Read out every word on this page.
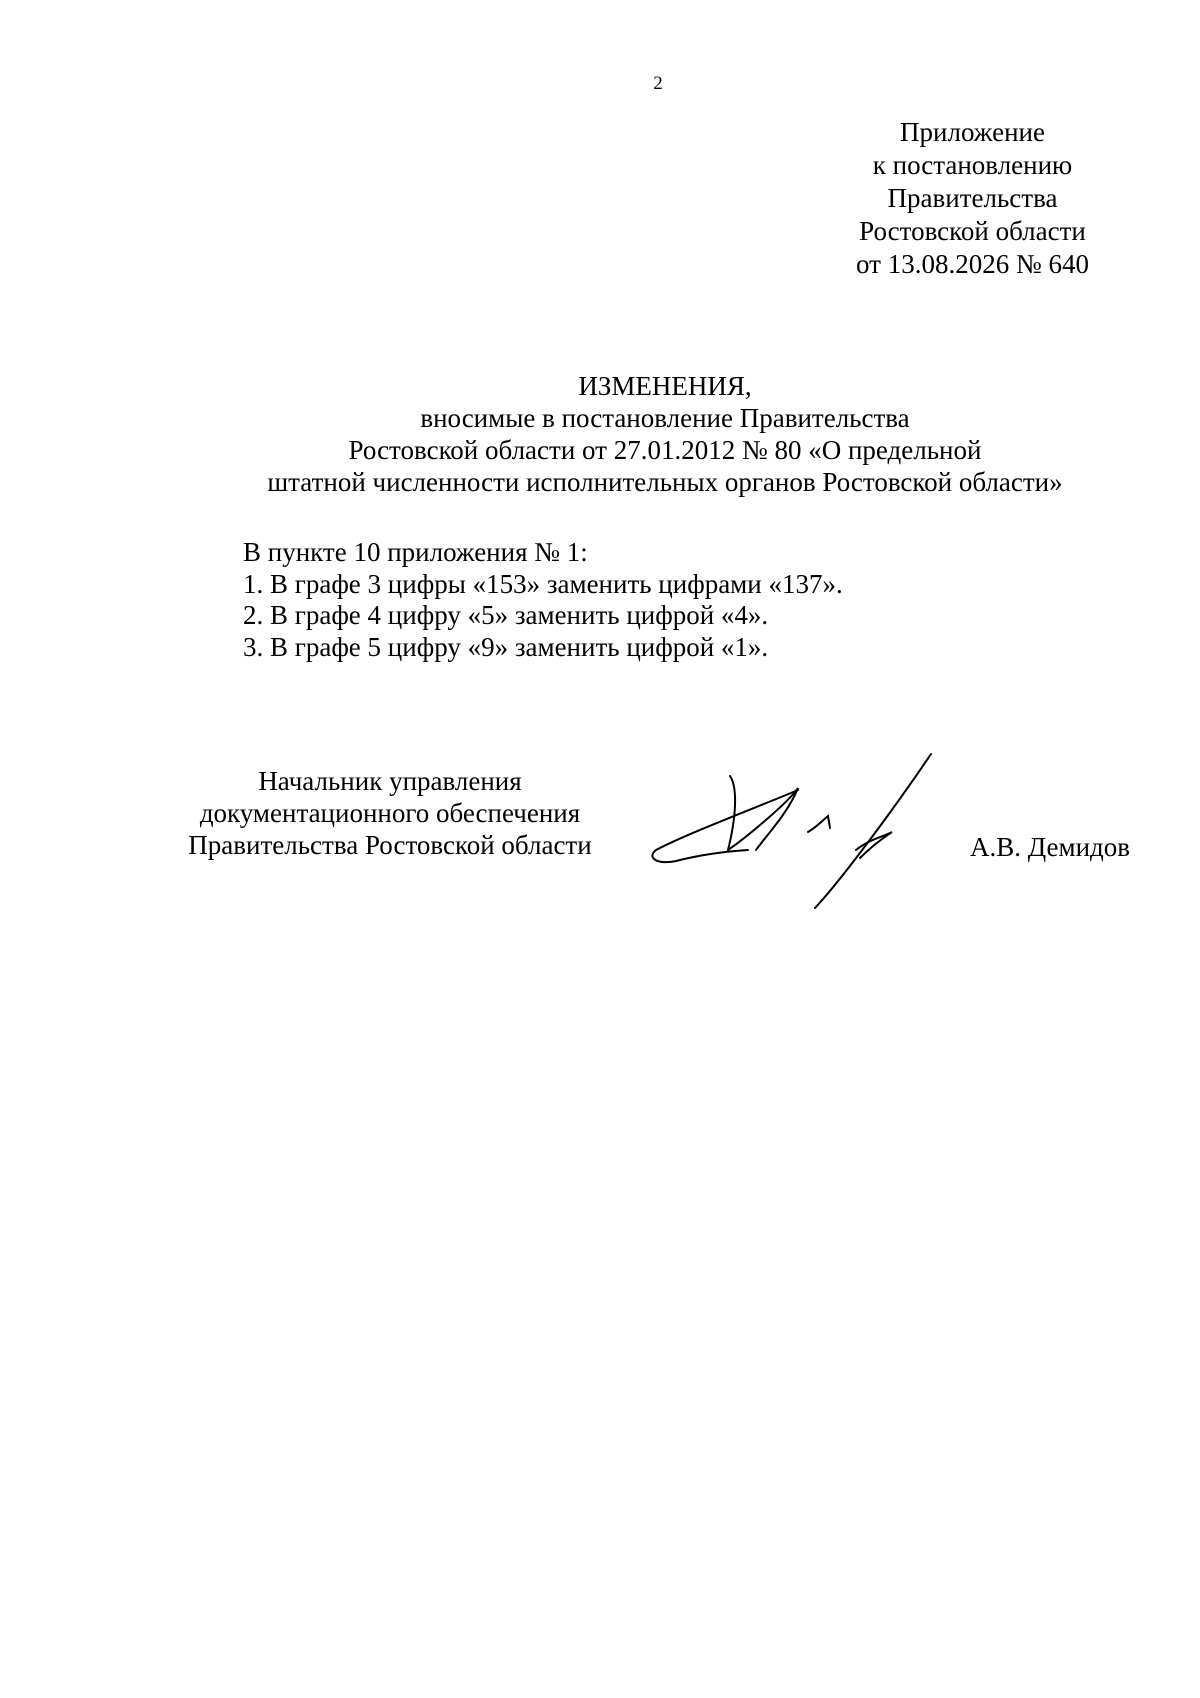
2
Приложение
к постановлению
Правительства
Ростовской области
от 13.08.2026 № 640
ИЗМЕНЕНИЯ,
вносимые в постановление Правительства
Ростовской области от 27.01.2012 № 80 «О предельной
штатной численности исполнительных органов Ростовской области»
В пункте 10 приложения № 1:
1. В графе 3 цифры «153» заменить цифрами «137».
2. В графе 4 цифру «5» заменить цифрой «4».
3. В графе 5 цифру «9» заменить цифрой «1».
Начальник управления
документационного обеспечения
Правительства Ростовской области	А.В. Демидов
